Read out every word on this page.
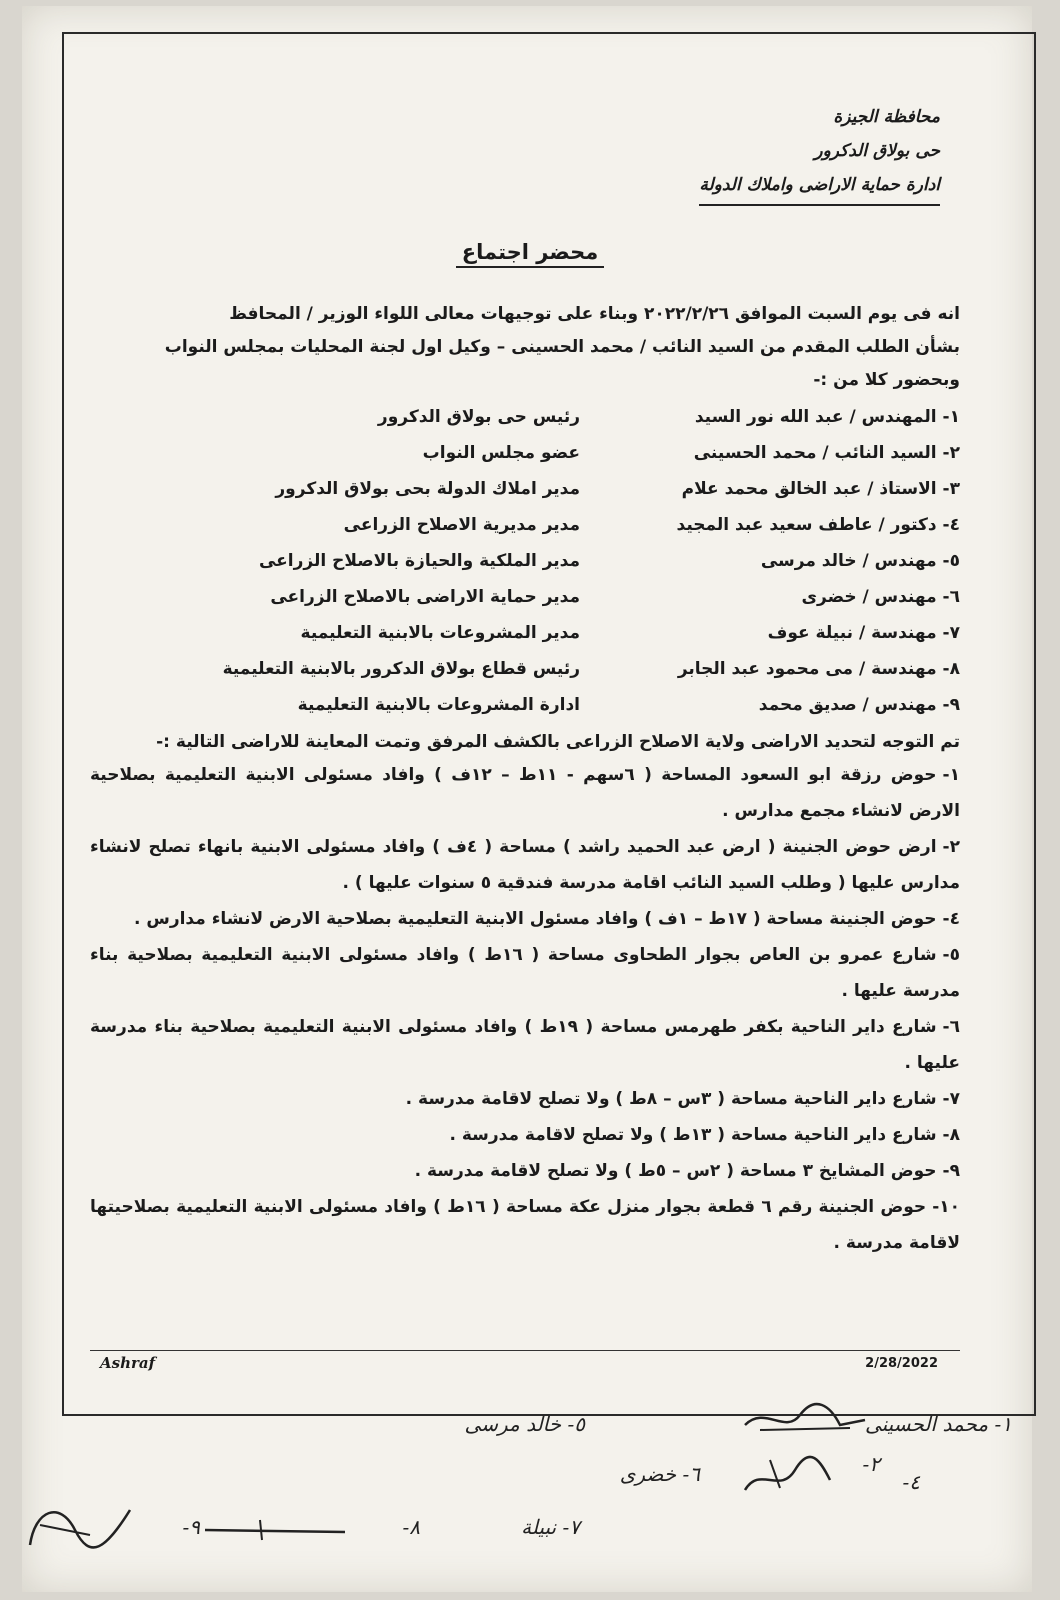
محافظة الجيزة
حى بولاق الدكرور
ادارة حماية الاراضى واملاك الدولة
محضر اجتماع

انه فى يوم السبت الموافق ٢٠٢٢/٢/٢٦ وبناء على توجيهات معالى اللواء الوزير / المحافظ

بشأن الطلب المقدم من السيد النائب / محمد الحسينى – وكيل اول لجنة المحليات بمجلس النواب

وبحضور كلا من :-

١- المهندس / عبد الله نور السيد
رئيس حى بولاق الدكرور
٢- السيد النائب / محمد الحسينى
عضو مجلس النواب
٣- الاستاذ / عبد الخالق محمد علام
مدير املاك الدولة بحى بولاق الدكرور
٤- دكتور / عاطف سعيد عبد المجيد
مدير مديرية الاصلاح الزراعى
٥- مهندس / خالد مرسى
مدير الملكية والحيازة بالاصلاح الزراعى
٦- مهندس / خضرى
مدير حماية الاراضى بالاصلاح الزراعى
٧- مهندسة / نبيلة عوف
مدير المشروعات بالابنية التعليمية
٨- مهندسة / مى محمود عبد الجابر
رئيس قطاع بولاق الدكرور بالابنية التعليمية
٩- مهندس / صديق محمد
ادارة المشروعات بالابنية التعليمية
تم التوجه لتحديد الاراضى ولاية الاصلاح الزراعى بالكشف المرفق وتمت المعاينة للاراضى التالية :-

١-حوض رزقة ابو السعود المساحة ( ٦سهم - ١١ط – ١٢ف ) وافاد مسئولى الابنية التعليمية بصلاحية الارض لانشاء مجمع مدارس .

٢-ارض حوض الجنينة ( ارض عبد الحميد راشد ) مساحة ( ٤ف ) وافاد مسئولى الابنية بانهاء تصلح لانشاء مدارس عليها ( وطلب السيد النائب اقامة مدرسة فندقية ٥ سنوات عليها ) .

٤-حوض الجنينة مساحة ( ١٧ط – ١ف ) وافاد مسئول الابنية التعليمية بصلاحية الارض لانشاء مدارس .

٥-شارع عمرو بن العاص بجوار الطحاوى مساحة ( ١٦ط ) وافاد مسئولى الابنية التعليمية بصلاحية بناء مدرسة عليها .

٦-شارع داير الناحية بكفر طهرمس مساحة ( ١٩ط ) وافاد مسئولى الابنية التعليمية بصلاحية بناء مدرسة عليها .

٧-شارع داير الناحية مساحة ( ٣س – ٨ط ) ولا تصلح لاقامة مدرسة .

٨-شارع داير الناحية مساحة ( ١٣ط ) ولا تصلح لاقامة مدرسة .

٩-حوض المشايخ ٣ مساحة ( ٢س – ٥ط ) ولا تصلح لاقامة مدرسة .

١٠-حوض الجنينة رقم ٦ قطعة بجوار منزل عكة مساحة ( ١٦ط ) وافاد مسئولى الابنية التعليمية بصلاحيتها لاقامة مدرسة .

Ashraf	2/28/2022
١- محمد الحسينى
٢-
٤-
٥- خالد مرسى
٦- خضرى
٧- نبيلة
٨-
٩-
